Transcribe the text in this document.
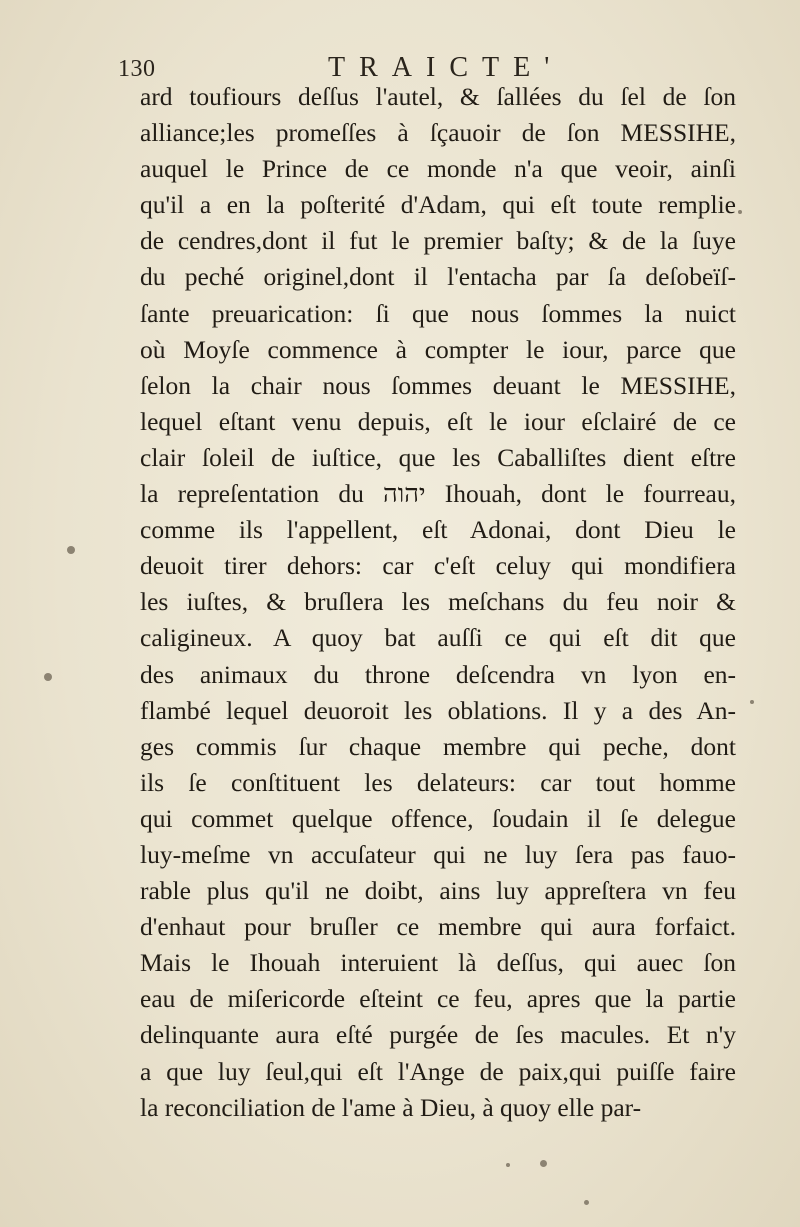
130	TRAICTE'
ard toufiours deſſus l'autel, & ſallées du ſel de ſon
alliance;les promeſſes à ſçauoir de ſon MESSIHE,
auquel le Prince de ce monde n'a que veoir, ainſi
qu'il a en la poſterité d'Adam, qui eſt toute remplie
de cendres,dont il fut le premier baſty; & de la ſuye
du peché originel,dont il l'entacha par ſa deſobeïſ-
ſante preuarication: ſi que nous ſommes la nuict
où Moyſe commence à compter le iour, parce que
ſelon la chair nous ſommes deuant le MESSIHE,
lequel eſtant venu depuis, eſt le iour eſclairé de ce
clair ſoleil de iuſtice, que les Caballiſtes dient eſtre
la repreſentation du יהוה Ihouah, dont le fourreau,
comme ils l'appellent, eſt Adonai, dont Dieu le
deuoit tirer dehors: car c'eſt celuy qui mondifiera
les iuſtes, & bruſlera les meſchans du feu noir &
caligineux. A quoy bat auſſi ce qui eſt dit que
des animaux du throne deſcendra vn lyon en-
flambé lequel deuoroit les oblations. Il y a des An-
ges commis ſur chaque membre qui peche, dont
ils ſe conſtituent les delateurs: car tout homme
qui commet quelque offence, ſoudain il ſe delegue
luy-meſme vn accuſateur qui ne luy ſera pas fauo-
rable plus qu'il ne doibt, ains luy appreſtera vn feu
d'enhaut pour bruſler ce membre qui aura forfaict.
Mais le Ihouah interuient là deſſus, qui auec ſon
eau de miſericorde eſteint ce feu, apres que la partie
delinquante aura eſté purgée de ſes macules. Et n'y
a que luy ſeul,qui eſt l'Ange de paix,qui puiſſe faire
la reconciliation de l'ame à Dieu, à quoy elle par-
